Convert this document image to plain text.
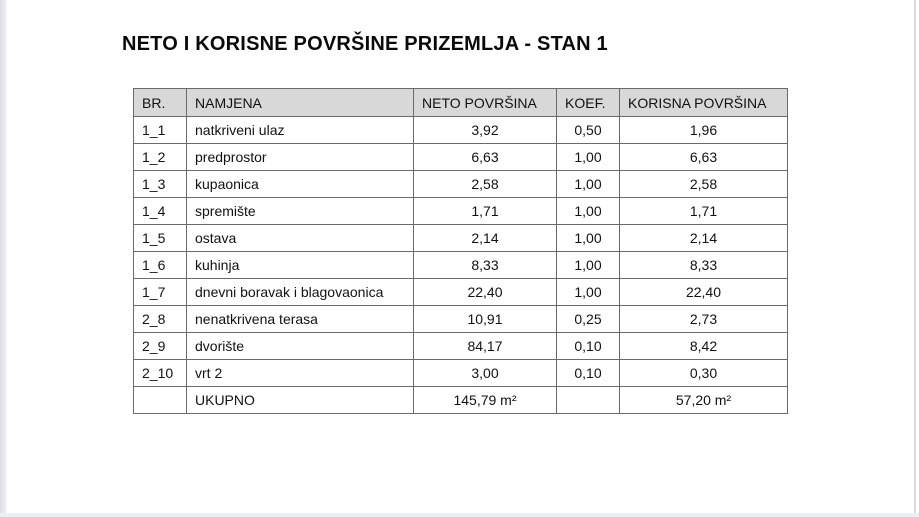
NETO I KORISNE POVRŠINE PRIZEMLJA - STAN 1
BR.	NAMJENA	NETO POVRŠINA	KOEF.	KORISNA POVRŠINA
1_1	natkriveni ulaz	3,92	0,50	1,96
1_2	predprostor	6,63	1,00	6,63
1_3	kupaonica	2,58	1,00	2,58
1_4	spremište	1,71	1,00	1,71
1_5	ostava	2,14	1,00	2,14
1_6	kuhinja	8,33	1,00	8,33
1_7	dnevni boravak i blagovaonica	22,40	1,00	22,40
2_8	nenatkrivena terasa	10,91	0,25	2,73
2_9	dvorište	84,17	0,10	8,42
2_10	vrt 2	3,00	0,10	0,30
	UKUPNO	145,79 m²		57,20 m²
